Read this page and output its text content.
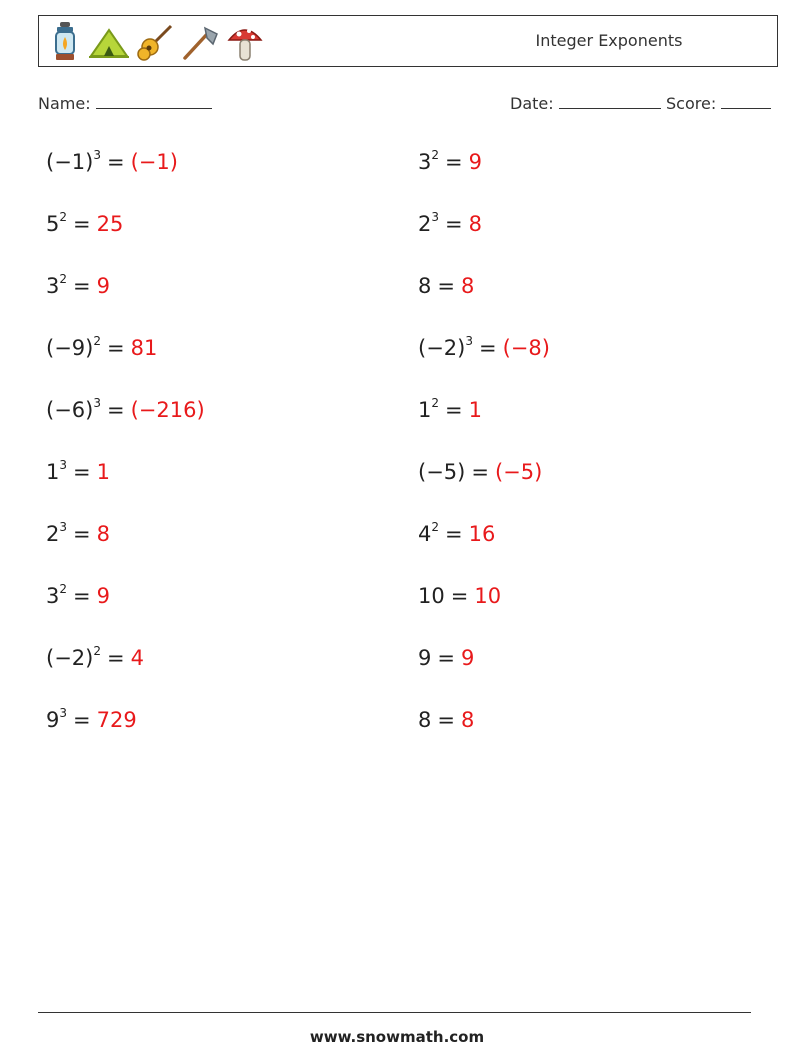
Integer Exponents
Name:	Date:	Score:
$(-1)^3 = (-1)$	$3^2 = 9$
$5^2 = 25$	$2^3 = 8$
$3^2 = 9$	8 = 8
$(-9)^2 = 81$	$(-2)^3 = (-8)$
$(-6)^3 = (-216)$	$1^2 = 1$
$1^3 = 1$	(−5) = (−5)
$2^3 = 8$	$4^2 = 16$
$3^2 = 9$	10 = 10
$(-2)^2 = 4$	9 = 9
$9^3 = 729$	8 = 8
www.snowmath.com
